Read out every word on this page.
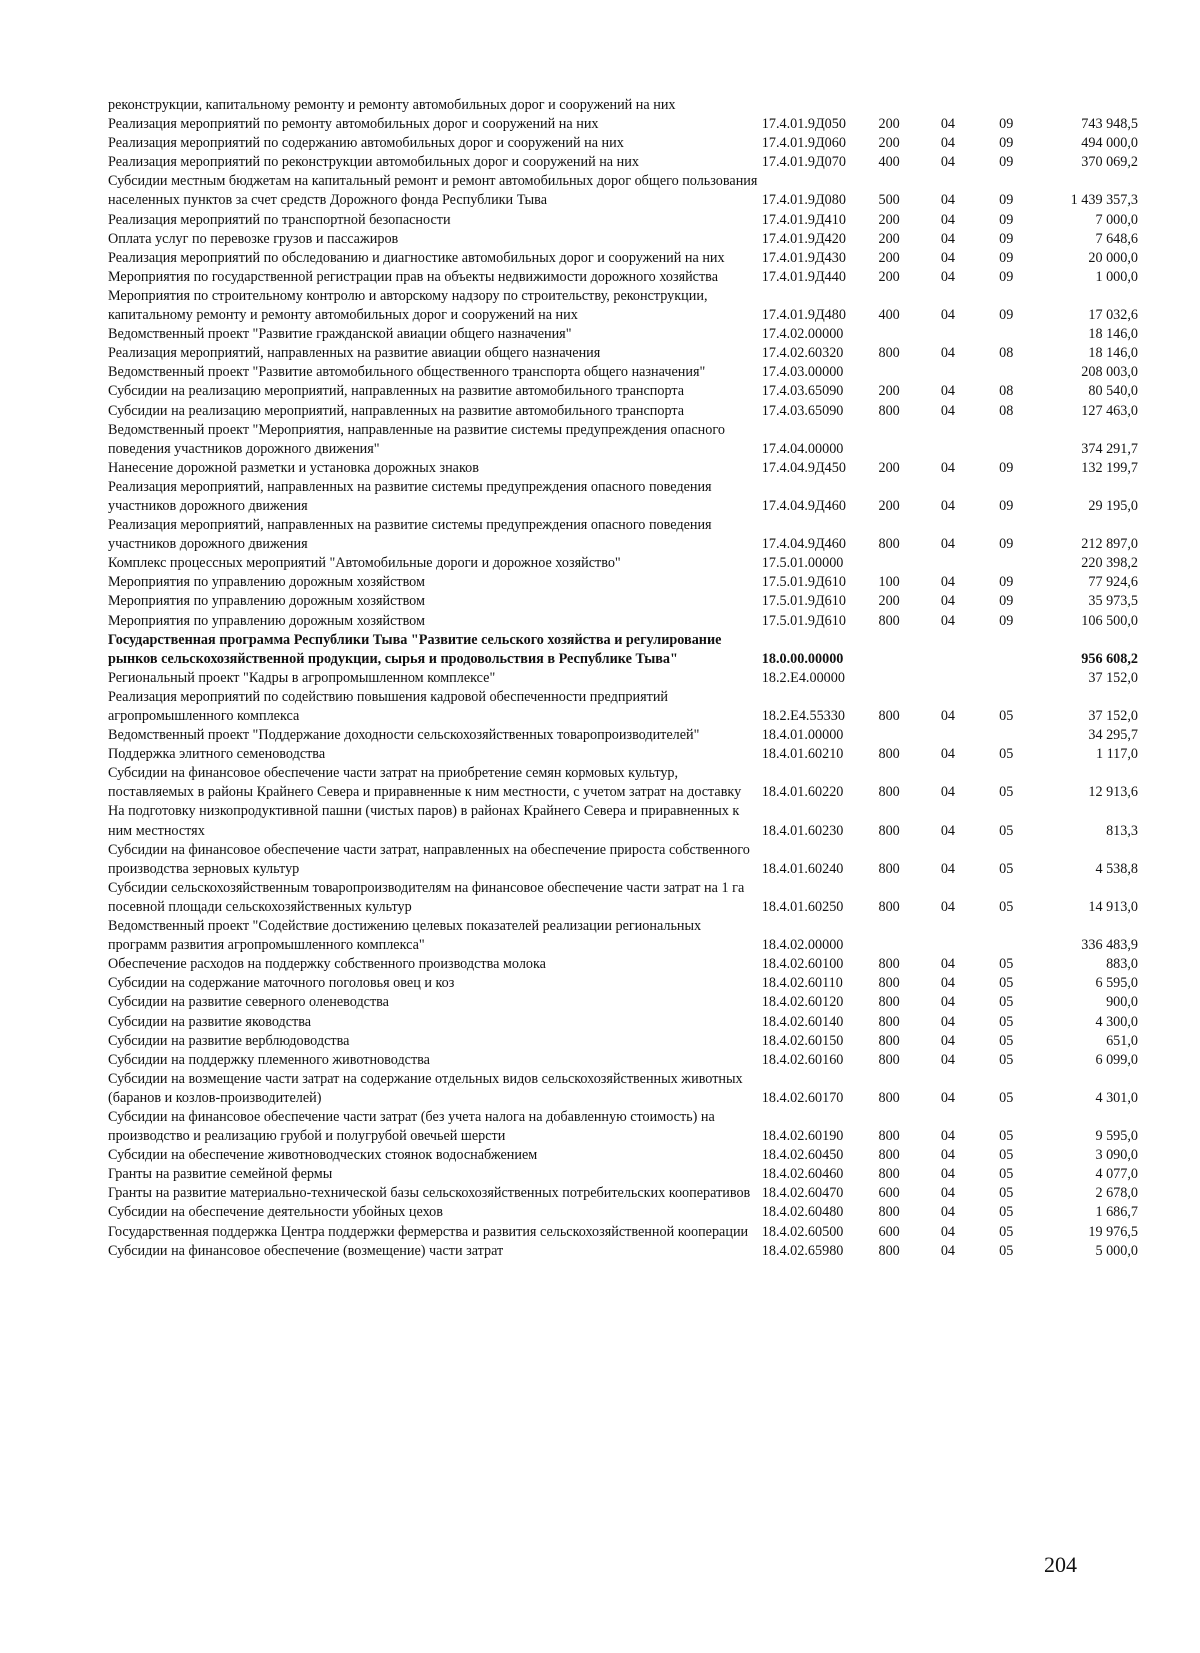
реконструкции, капитальному ремонту и ремонту автомобильных дорог и сооружений на них					
Реализация мероприятий по ремонту автомобильных дорог и сооружений на них	17.4.01.9Д050	200	04	09	743 948,5
Реализация мероприятий по содержанию автомобильных дорог и сооружений на них	17.4.01.9Д060	200	04	09	494 000,0
Реализация мероприятий по реконструкции автомобильных дорог и сооружений на них	17.4.01.9Д070	400	04	09	370 069,2
Субсидии местным бюджетам на капитальный ремонт и ремонт автомобильных дорог общего пользования населенных пунктов за счет средств Дорожного фонда Республики Тыва	17.4.01.9Д080	500	04	09	1 439 357,3
Реализация мероприятий по транспортной безопасности	17.4.01.9Д410	200	04	09	7 000,0
Оплата услуг по перевозке грузов и пассажиров	17.4.01.9Д420	200	04	09	7 648,6
Реализация мероприятий по обследованию и диагностике автомобильных дорог и сооружений на них	17.4.01.9Д430	200	04	09	20 000,0
Мероприятия по государственной регистрации прав на объекты недвижимости дорожного хозяйства	17.4.01.9Д440	200	04	09	1 000,0
Мероприятия по строительному контролю и авторскому надзору по строительству, реконструкции, капитальному ремонту и ремонту автомобильных дорог и сооружений на них	17.4.01.9Д480	400	04	09	17 032,6
Ведомственный проект "Развитие гражданской авиации общего назначения"	17.4.02.00000				18 146,0
Реализация мероприятий, направленных на развитие авиации общего назначения	17.4.02.60320	800	04	08	18 146,0
Ведомственный проект "Развитие автомобильного общественного транспорта общего назначения"	17.4.03.00000				208 003,0
Субсидии на реализацию мероприятий, направленных на развитие автомобильного транспорта	17.4.03.65090	200	04	08	80 540,0
Субсидии на реализацию мероприятий, направленных на развитие автомобильного транспорта	17.4.03.65090	800	04	08	127 463,0
Ведомственный проект "Мероприятия, направленные на развитие системы предупреждения опасного поведения участников дорожного движения"	17.4.04.00000				374 291,7
Нанесение дорожной разметки и установка дорожных знаков	17.4.04.9Д450	200	04	09	132 199,7
Реализация мероприятий, направленных на развитие системы предупреждения опасного поведения участников дорожного движения	17.4.04.9Д460	200	04	09	29 195,0
Реализация мероприятий, направленных на развитие системы предупреждения опасного поведения участников дорожного движения	17.4.04.9Д460	800	04	09	212 897,0
Комплекс процессных мероприятий "Автомобильные дороги и дорожное хозяйство"	17.5.01.00000				220 398,2
Мероприятия по управлению дорожным хозяйством	17.5.01.9Д610	100	04	09	77 924,6
Мероприятия по управлению дорожным хозяйством	17.5.01.9Д610	200	04	09	35 973,5
Мероприятия по управлению дорожным хозяйством	17.5.01.9Д610	800	04	09	106 500,0
Государственная программа Республики Тыва "Развитие сельского хозяйства и регулирование рынков сельскохозяйственной продукции, сырья и продовольствия в Республике Тыва"	18.0.00.00000				956 608,2
Региональный проект "Кадры в агропромышленном комплексе"	18.2.Е4.00000				37 152,0
Реализация мероприятий по содействию повышения кадровой обеспеченности предприятий агропромышленного комплекса	18.2.Е4.55330	800	04	05	37 152,0
Ведомственный проект "Поддержание доходности сельскохозяйственных товаропроизводителей"	18.4.01.00000				34 295,7
Поддержка элитного семеноводства	18.4.01.60210	800	04	05	1 117,0
Субсидии на финансовое обеспечение части затрат на приобретение семян кормовых культур, поставляемых в районы Крайнего Севера и приравненные к ним местности, с учетом затрат на доставку	18.4.01.60220	800	04	05	12 913,6
На подготовку низкопродуктивной пашни (чистых паров) в районах Крайнего Севера и приравненных к ним местностях	18.4.01.60230	800	04	05	813,3
Субсидии на финансовое обеспечение части затрат, направленных на обеспечение прироста собственного производства зерновых культур	18.4.01.60240	800	04	05	4 538,8
Субсидии сельскохозяйственным товаропроизводителям на финансовое обеспечение части затрат на 1 га посевной площади сельскохозяйственных культур	18.4.01.60250	800	04	05	14 913,0
Ведомственный проект "Содействие достижению целевых показателей реализации региональных программ развития агропромышленного комплекса"	18.4.02.00000				336 483,9
Обеспечение расходов на поддержку собственного производства молока	18.4.02.60100	800	04	05	883,0
Субсидии на содержание маточного поголовья овец и коз	18.4.02.60110	800	04	05	6 595,0
Субсидии на развитие северного оленеводства	18.4.02.60120	800	04	05	900,0
Субсидии на развитие яководства	18.4.02.60140	800	04	05	4 300,0
Субсидии на развитие верблюдоводства	18.4.02.60150	800	04	05	651,0
Субсидии на поддержку племенного животноводства	18.4.02.60160	800	04	05	6 099,0
Субсидии на возмещение части затрат на содержание отдельных видов сельскохозяйственных животных (баранов и козлов-производителей)	18.4.02.60170	800	04	05	4 301,0
Субсидии на финансовое обеспечение части затрат (без учета налога на добавленную стоимость) на производство и реализацию грубой и полугрубой овечьей шерсти	18.4.02.60190	800	04	05	9 595,0
Субсидии на обеспечение животноводческих стоянок водоснабжением	18.4.02.60450	800	04	05	3 090,0
Гранты на развитие семейной фермы	18.4.02.60460	800	04	05	4 077,0
Гранты на развитие материально-технической базы сельскохозяйственных потребительских кооперативов	18.4.02.60470	600	04	05	2 678,0
Субсидии на обеспечение деятельности убойных цехов	18.4.02.60480	800	04	05	1 686,7
Государственная поддержка Центра поддержки фермерства и развития сельскохозяйственной кооперации	18.4.02.60500	600	04	05	19 976,5
Субсидии на финансовое обеспечение (возмещение) части затрат	18.4.02.65980	800	04	05	5 000,0
204
